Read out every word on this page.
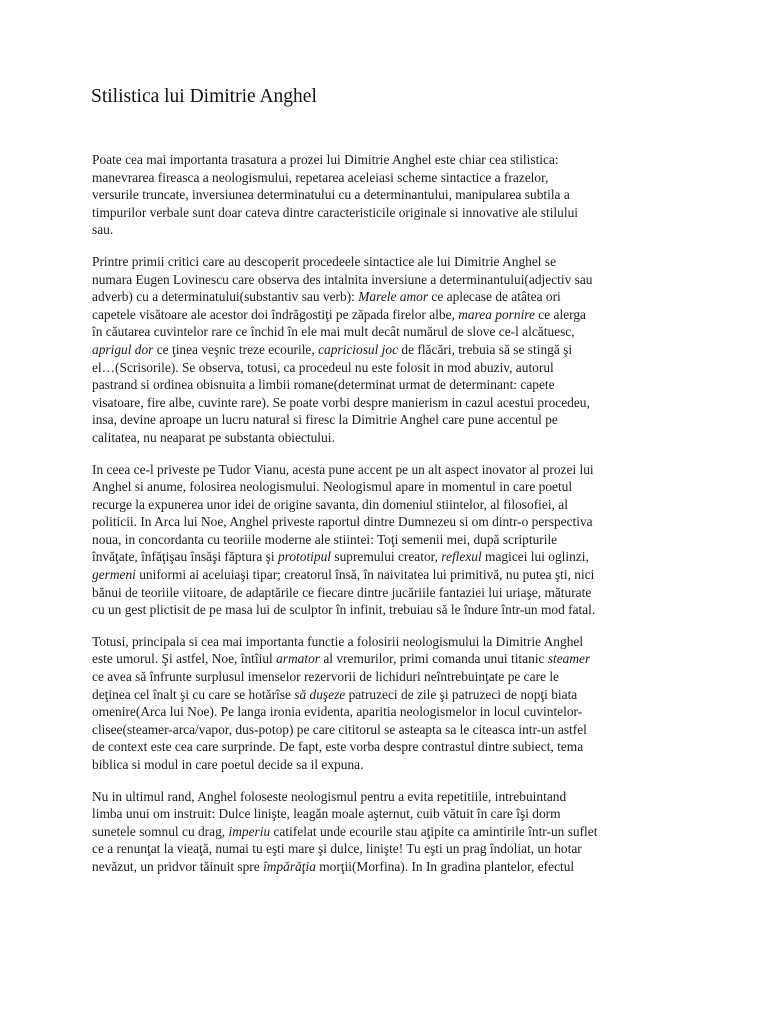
Stilistica lui Dimitrie Anghel

Poate cea mai importanta trasatura a prozei lui Dimitrie Anghel este chiar cea stilistica:
manevrarea fireasca a neologismului, repetarea aceleiasi scheme sintactice a frazelor,
versurile truncate, inversiunea determinatului cu a determinantului, manipularea subtila a
timpurilor verbale sunt doar cateva dintre caracteristicile originale si innovative ale stilului
sau.

Printre primii critici care au descoperit procedeele sintactice ale lui Dimitrie Anghel se
numara Eugen Lovinescu care observa des intalnita inversiune a determinantului(adjectiv sau
adverb) cu a determinatului(substantiv sau verb): Marele amor ce aplecase de atâtea ori
capetele visătoare ale acestor doi îndrăgostiţi pe zăpada firelor albe, marea pornire ce alerga
în căutarea cuvintelor rare ce închid în ele mai mult decât numărul de slove ce-l alcătuesc,
aprigul dor ce ţinea veşnic treze ecourile, capriciosul joc de flăcări, trebuia să se stingă şi
el…(Scrisorile). Se observa, totusi, ca procedeul nu este folosit in mod abuziv, autorul
pastrand si ordinea obisnuita a limbii romane(determinat urmat de determinant: capete
visatoare, fire albe, cuvinte rare). Se poate vorbi despre manierism in cazul acestui procedeu,
insa, devine aproape un lucru natural si firesc la Dimitrie Anghel care pune accentul pe
calitatea, nu neaparat pe substanta obiectului.

In ceea ce-l priveste pe Tudor Vianu, acesta pune accent pe un alt aspect inovator al prozei lui
Anghel si anume, folosirea neologismului. Neologismul apare in momentul in care poetul
recurge la expunerea unor idei de origine savanta, din domeniul stiintelor, al filosofiei, al
politicii. In Arca lui Noe, Anghel priveste raportul dintre Dumnezeu si om dintr-o perspectiva
noua, in concordanta cu teoriile moderne ale stiintei: Toţi semenii mei, după scripturile
învăţate, înfăţişau însăşi făptura şi prototipul supremului creator, reflexul magicei lui oglinzi,
germeni uniformi ai aceluiaşi tipar; creatorul însă, în naivitatea lui primitivă, nu putea şti, nici
bănui de teoriile viitoare, de adaptările ce fiecare dintre jucăriile fantaziei lui uriaşe, măturate
cu un gest plictisit de pe masa lui de sculptor în infinit, trebuiau să le îndure într-un mod fatal.

Totusi, principala si cea mai importanta functie a folosirii neologismului la Dimitrie Anghel
este umorul. Şi astfel, Noe, întîiul armator al vremurilor, primi comanda unui titanic steamer
ce avea să înfrunte surplusul imenselor rezervorii de lichiduri neîntrebuinţate pe care le
deţinea cel înalt şi cu care se hotărîse să duşeze patruzeci de zile şi patruzeci de nopţi biata
omenire(Arca lui Noe). Pe langa ironia evidenta, aparitia neologismelor in locul cuvintelor-
clisee(steamer-arca/vapor, dus-potop) pe care cititorul se asteapta sa le citeasca intr-un astfel
de context este cea care surprinde. De fapt, este vorba despre contrastul dintre subiect, tema
biblica si modul in care poetul decide sa il expuna.

Nu in ultimul rand, Anghel foloseste neologismul pentru a evita repetitiile, intrebuintand
limba unui om instruit: Dulce linişte, leagăn moale aşternut, cuib vătuit în care îşi dorm
sunetele somnul cu drag, imperiu catifelat unde ecourile stau aţipite ca amintirile într-un suflet
ce a renunţat la vieaţă, numai tu eşti mare şi dulce, linişte! Tu eşti un prag îndoliat, un hotar
nevăzut, un pridvor tăinuit spre împărăţia morţii(Morfina). In In gradina plantelor, efectul
